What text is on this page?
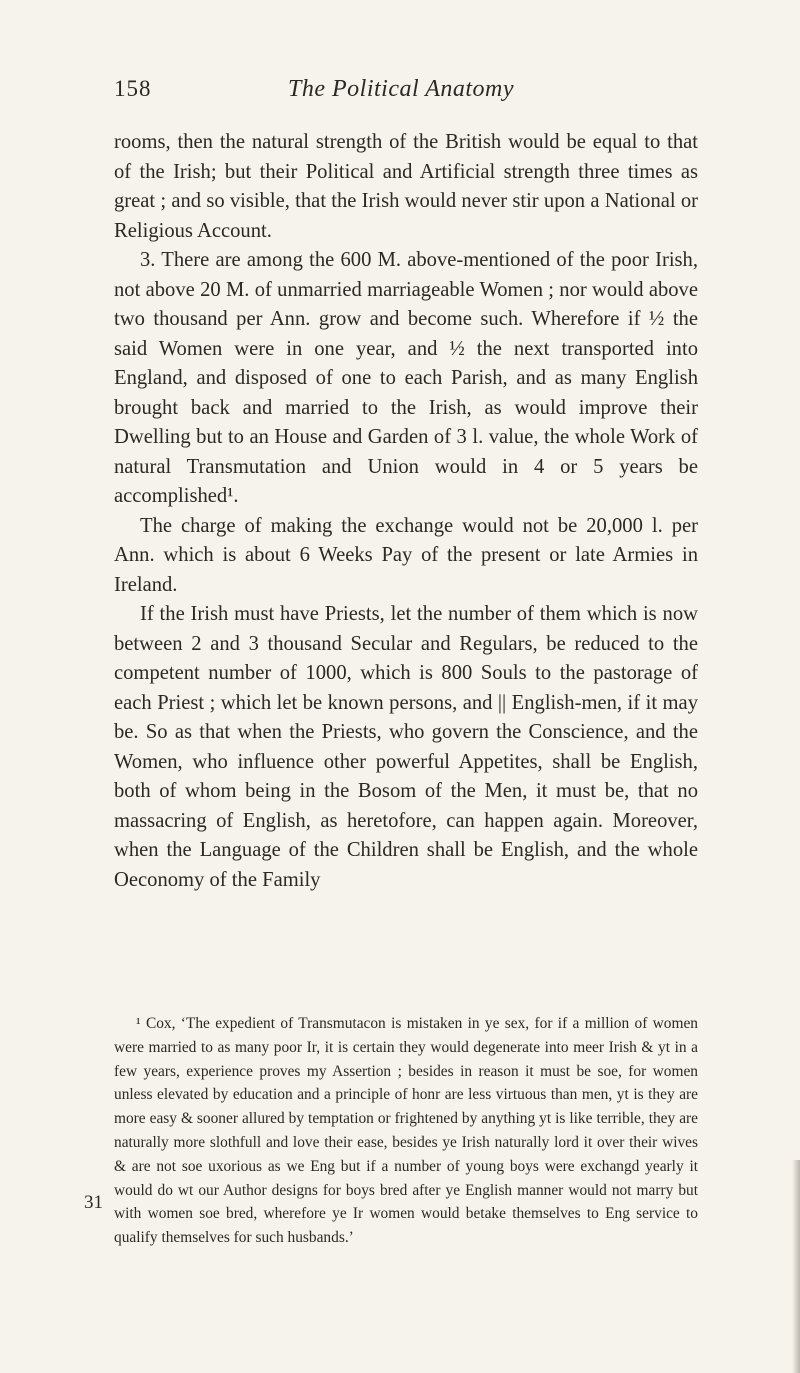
158	The Political Anatomy

rooms, then the natural strength of the British would be equal to that of the Irish; but their Political and Artificial strength three times as great ; and so visible, that the Irish would never stir upon a National or Religious Account.

3. There are among the 600 M. above-mentioned of the poor Irish, not above 20 M. of unmarried marriageable Women ; nor would above two thousand per Ann. grow and become such. Wherefore if ½ the said Women were in one year, and ½ the next transported into England, and disposed of one to each Parish, and as many English brought back and married to the Irish, as would improve their Dwelling but to an House and Garden of 3 l. value, the whole Work of natural Transmutation and Union would in 4 or 5 years be accomplished¹.

The charge of making the exchange would not be 20,000 l. per Ann. which is about 6 Weeks Pay of the present or late Armies in Ireland.

If the Irish must have Priests, let the number of them which is now between 2 and 3 thousand Secular and Regulars, be reduced to the competent number of 1000, which is 800 Souls to the pastorage of each Priest ; which let be known persons, and || English-men, if it may be. So as that when the Priests, who govern the Conscience, and the Women, who influence other powerful Appetites, shall be English, both of whom being in the Bosom of the Men, it must be, that no massacring of English, as heretofore, can happen again. Moreover, when the Language of the Children shall be English, and the whole Oeconomy of the Family

31

¹ Cox, ‘The expedient of Transmutacon is mistaken in ye sex, for if a million of women were married to as many poor Ir, it is certain they would degenerate into meer Irish & yt in a few years, experience proves my Assertion ; besides in reason it must be soe, for women unless elevated by education and a principle of honr are less virtuous than men, yt is they are more easy & sooner allured by temptation or frightened by anything yt is like terrible, they are naturally more slothfull and love their ease, besides ye Irish naturally lord it over their wives & are not soe uxorious as we Eng but if a number of young boys were exchangd yearly it would do wt our Author designs for boys bred after ye English manner would not marry but with women soe bred, wherefore ye Ir women would betake themselves to Eng service to qualify themselves for such husbands.’
